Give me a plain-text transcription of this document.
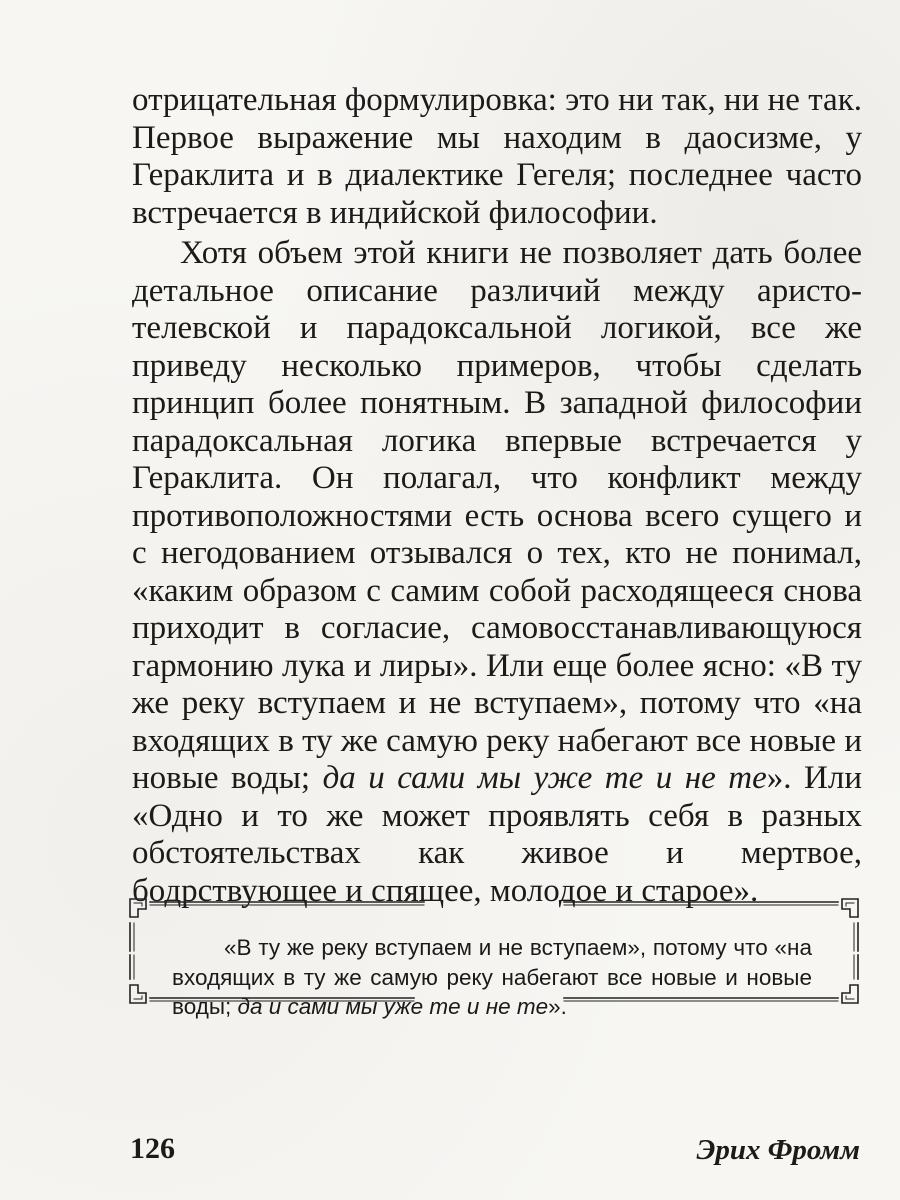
отрицательная формулировка: это ни так, ни не так. Первое выражение мы находим в даосизме, у Гераклита и в диалектике Гегеля; последнее часто встречается в индийской философии.

Хотя объем этой книги не позволяет дать более детальное описание различий между аристотелевской и парадоксальной логикой, все же приведу несколько примеров, чтобы сделать принцип более понятным. В западной философии парадоксальная логика впервые встречается у Гераклита. Он полагал, что конфликт между противоположностями есть основа всего сущего и с негодованием отзывался о тех, кто не понимал, «каким образом с самим собой расходящееся снова приходит в согласие, самовосстанавливающуюся гармонию лука и лиры». Или еще более ясно: «В ту же реку вступаем и не вступаем», потому что «на входящих в ту же самую реку набегают все новые и новые воды; да и сами мы уже те и не те». Или «Одно и то же может проявлять себя в разных обстоятельствах как живое и мертвое, бодрствующее и спящее, молодое и старое».

«В ту же реку вступаем и не вступаем», потому что «на входящих в ту же самую реку набегают все новые и новые воды; да и сами мы уже те и не те».

126	Эрих Фромм
